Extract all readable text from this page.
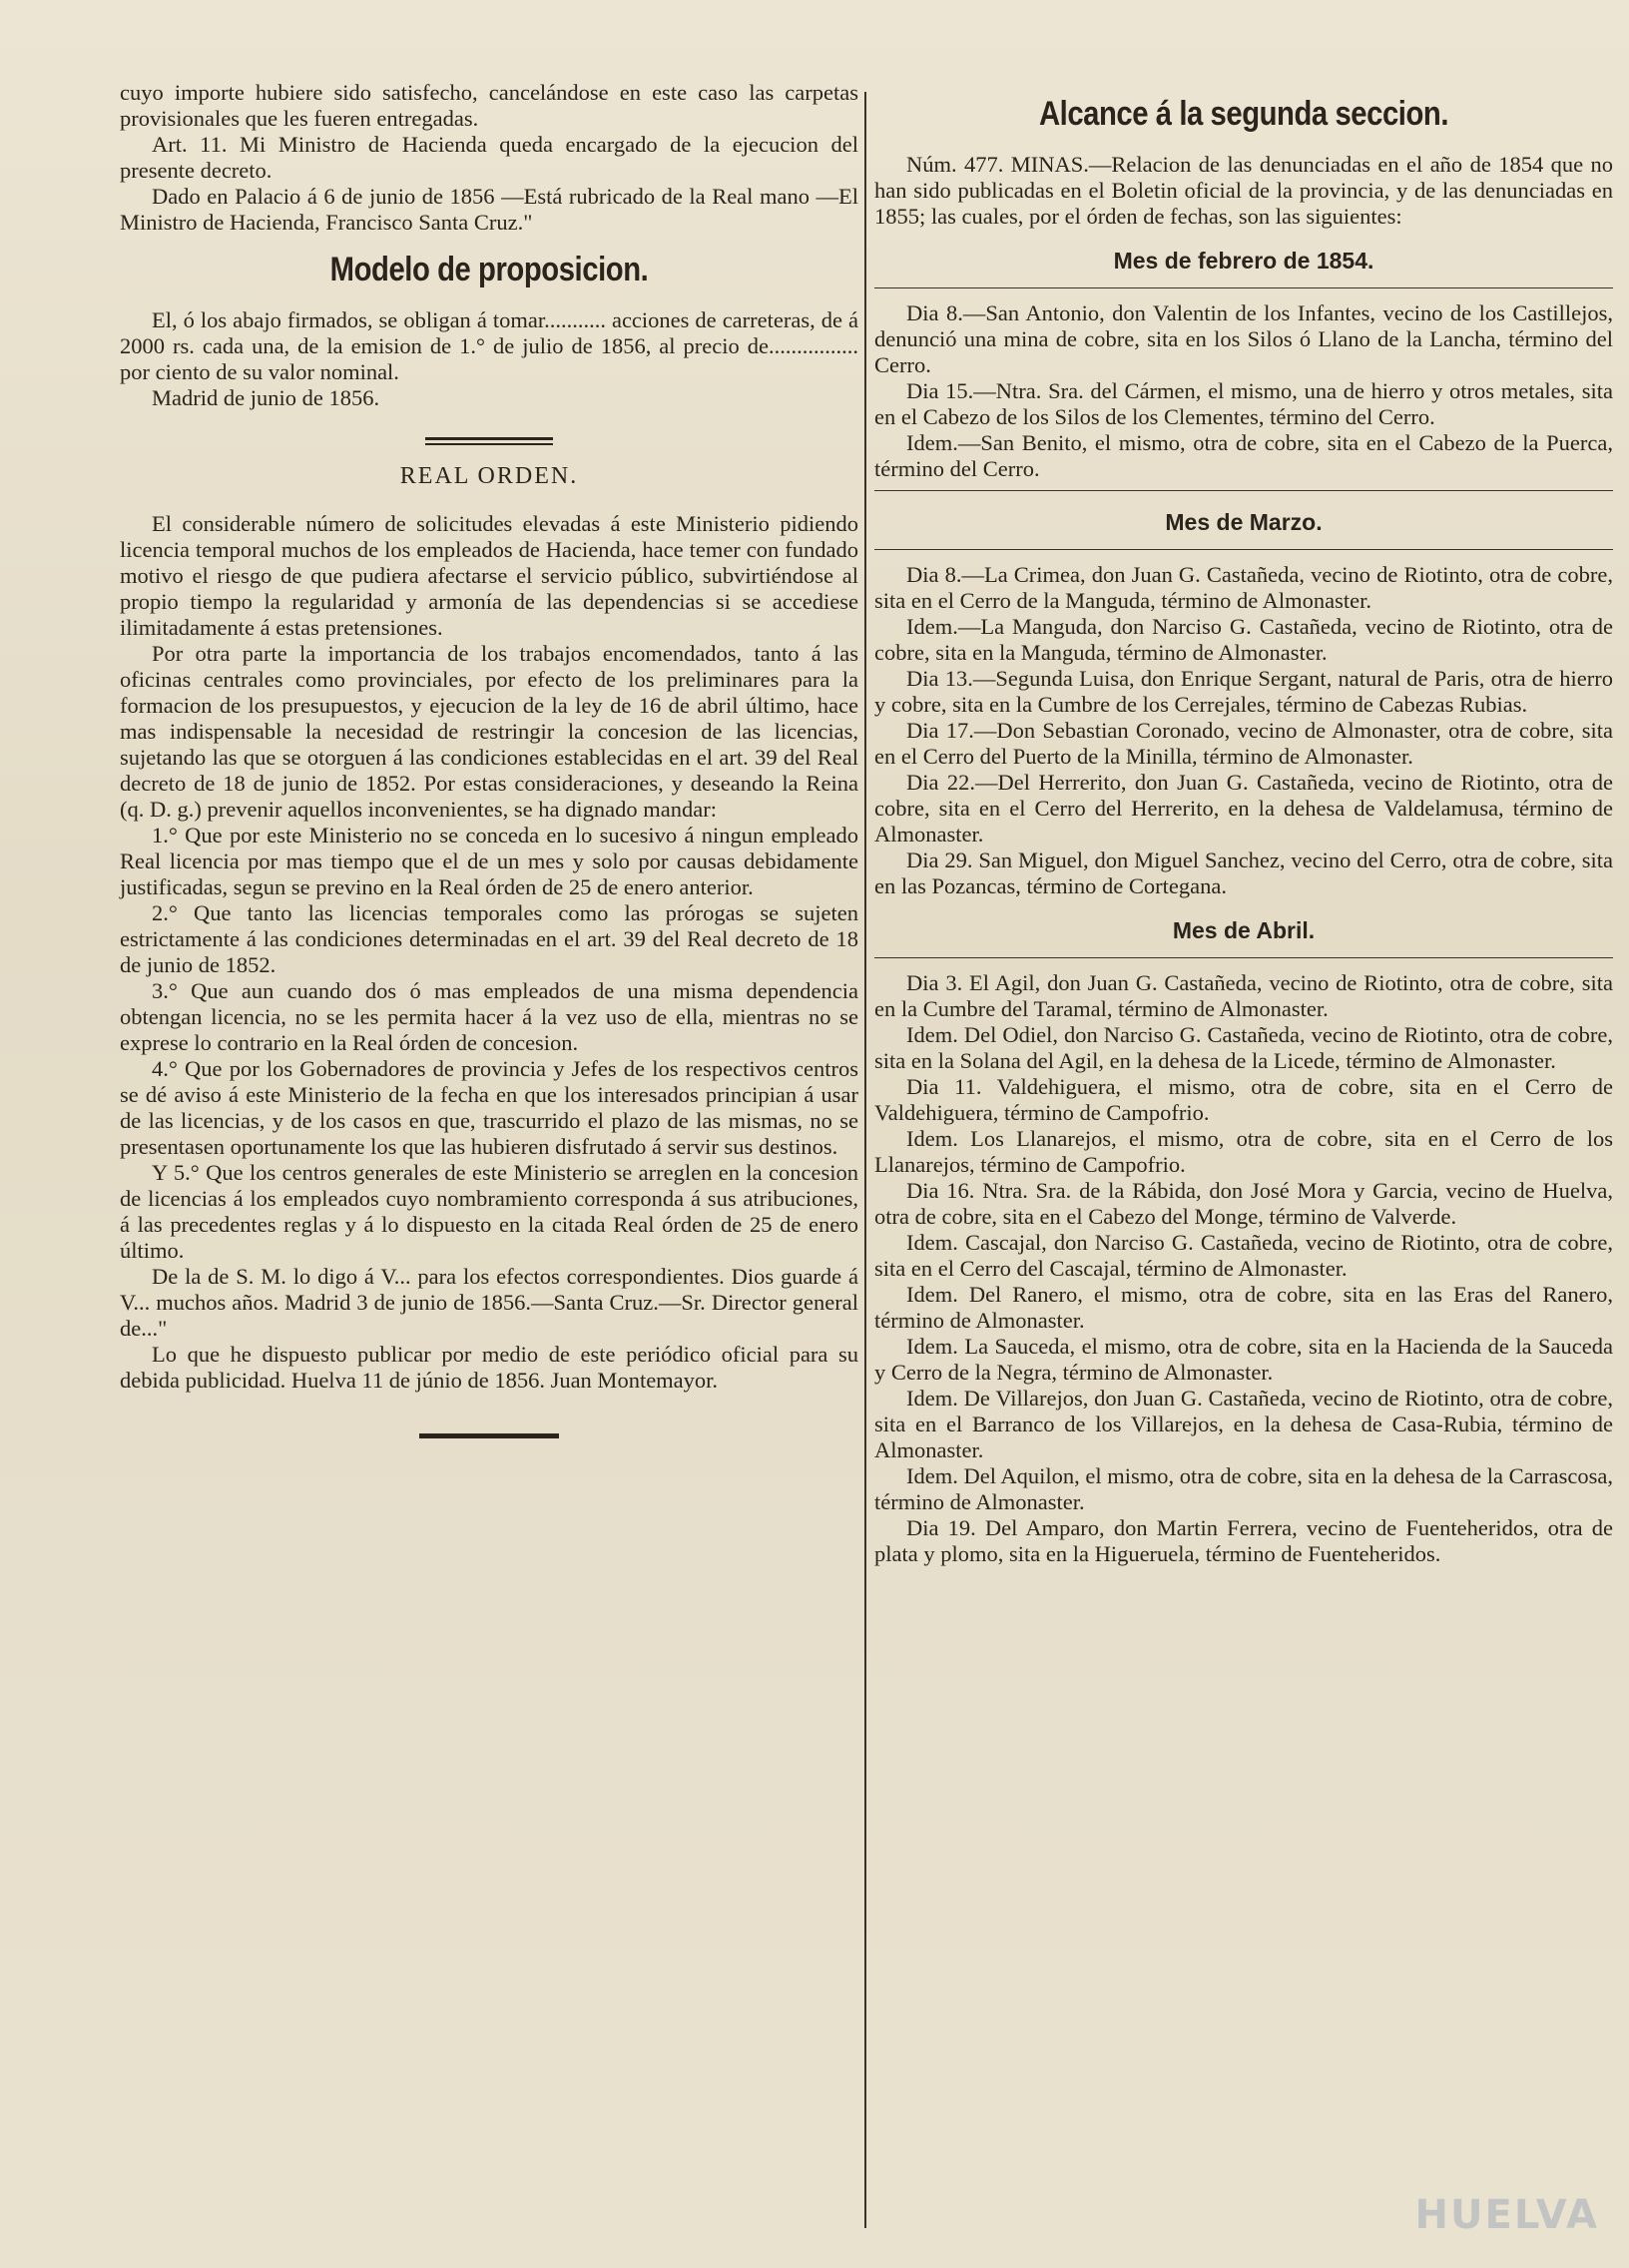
cuyo importe hubiere sido satisfecho, cancelándose en este caso las carpetas provisionales que les fueren entregadas.

Art. 11. Mi Ministro de Hacienda queda encargado de la ejecucion del presente decreto.

Dado en Palacio á 6 de junio de 1856 —Está rubricado de la Real mano —El Ministro de Hacienda, Francisco Santa Cruz."

Modelo de proposicion.

El, ó los abajo firmados, se obligan á tomar........... acciones de carreteras, de á 2000 rs. cada una, de la emision de 1.° de julio de 1856, al precio de................ por ciento de su valor nominal.

Madrid de junio de 1856.

REAL ORDEN.

El considerable número de solicitudes elevadas á este Ministerio pidiendo licencia temporal muchos de los empleados de Hacienda, hace temer con fundado motivo el riesgo de que pudiera afectarse el servicio público, subvirtiéndose al propio tiempo la regularidad y armonía de las dependencias si se accediese ilimitadamente á estas pretensiones.

Por otra parte la importancia de los trabajos encomendados, tanto á las oficinas centrales como provinciales, por efecto de los preliminares para la formacion de los presupuestos, y ejecucion de la ley de 16 de abril último, hace mas indispensable la necesidad de restringir la concesion de las licencias, sujetando las que se otorguen á las condiciones establecidas en el art. 39 del Real decreto de 18 de junio de 1852. Por estas consideraciones, y deseando la Reina (q. D. g.) prevenir aquellos inconvenientes, se ha dignado mandar:

1.° Que por este Ministerio no se conceda en lo sucesivo á ningun empleado Real licencia por mas tiempo que el de un mes y solo por causas debidamente justificadas, segun se previno en la Real órden de 25 de enero anterior.

2.° Que tanto las licencias temporales como las prórogas se sujeten estrictamente á las condiciones determinadas en el art. 39 del Real decreto de 18 de junio de 1852.

3.° Que aun cuando dos ó mas empleados de una misma dependencia obtengan licencia, no se les permita hacer á la vez uso de ella, mientras no se exprese lo contrario en la Real órden de concesion.

4.° Que por los Gobernadores de provincia y Jefes de los respectivos centros se dé aviso á este Ministerio de la fecha en que los interesados principian á usar de las licencias, y de los casos en que, trascurrido el plazo de las mismas, no se presentasen oportunamente los que las hubieren disfrutado á servir sus destinos.

Y 5.° Que los centros generales de este Ministerio se arreglen en la concesion de licencias á los empleados cuyo nombramiento corresponda á sus atribuciones, á las precedentes reglas y á lo dispuesto en la citada Real órden de 25 de enero último.

De la de S. M. lo digo á V... para los efectos correspondientes. Dios guarde á V... muchos años. Madrid 3 de junio de 1856.—Santa Cruz.—Sr. Director general de..."

Lo que he dispuesto publicar por medio de este periódico oficial para su debida publicidad. Huelva 11 de júnio de 1856. Juan Montemayor.

Alcance á la segunda seccion.

Núm. 477. MINAS.—Relacion de las denunciadas en el año de 1854 que no han sido publicadas en el Boletin oficial de la provincia, y de las denunciadas en 1855; las cuales, por el órden de fechas, son las siguientes:

Mes de febrero de 1854.

Dia 8.—San Antonio, don Valentin de los Infantes, vecino de los Castillejos, denunció una mina de cobre, sita en los Silos ó Llano de la Lancha, término del Cerro.

Dia 15.—Ntra. Sra. del Cármen, el mismo, una de hierro y otros metales, sita en el Cabezo de los Silos de los Clementes, término del Cerro.

Idem.—San Benito, el mismo, otra de cobre, sita en el Cabezo de la Puerca, término del Cerro.

Mes de Marzo.

Dia 8.—La Crimea, don Juan G. Castañeda, vecino de Riotinto, otra de cobre, sita en el Cerro de la Manguda, término de Almonaster.

Idem.—La Manguda, don Narciso G. Castañeda, vecino de Riotinto, otra de cobre, sita en la Manguda, término de Almonaster.

Dia 13.—Segunda Luisa, don Enrique Sergant, natural de Paris, otra de hierro y cobre, sita en la Cumbre de los Cerrejales, término de Cabezas Rubias.

Dia 17.—Don Sebastian Coronado, vecino de Almonaster, otra de cobre, sita en el Cerro del Puerto de la Minilla, término de Almonaster.

Dia 22.—Del Herrerito, don Juan G. Castañeda, vecino de Riotinto, otra de cobre, sita en el Cerro del Herrerito, en la dehesa de Valdelamusa, término de Almonaster.

Dia 29. San Miguel, don Miguel Sanchez, vecino del Cerro, otra de cobre, sita en las Pozancas, término de Cortegana.

Mes de Abril.

Dia 3. El Agil, don Juan G. Castañeda, vecino de Riotinto, otra de cobre, sita en la Cumbre del Taramal, término de Almonaster.

Idem. Del Odiel, don Narciso G. Castañeda, vecino de Riotinto, otra de cobre, sita en la Solana del Agil, en la dehesa de la Licede, término de Almonaster.

Dia 11. Valdehiguera, el mismo, otra de cobre, sita en el Cerro de Valdehiguera, término de Campofrio.

Idem. Los Llanarejos, el mismo, otra de cobre, sita en el Cerro de los Llanarejos, término de Campofrio.

Dia 16. Ntra. Sra. de la Rábida, don José Mora y Garcia, vecino de Huelva, otra de cobre, sita en el Cabezo del Monge, término de Valverde.

Idem. Cascajal, don Narciso G. Castañeda, vecino de Riotinto, otra de cobre, sita en el Cerro del Cascajal, término de Almonaster.

Idem. Del Ranero, el mismo, otra de cobre, sita en las Eras del Ranero, término de Almonaster.

Idem. La Sauceda, el mismo, otra de cobre, sita en la Hacienda de la Sauceda y Cerro de la Negra, término de Almonaster.

Idem. De Villarejos, don Juan G. Castañeda, vecino de Riotinto, otra de cobre, sita en el Barranco de los Villarejos, en la dehesa de Casa-Rubia, término de Almonaster.

Idem. Del Aquilon, el mismo, otra de cobre, sita en la dehesa de la Carrascosa, término de Almonaster.

Dia 19. Del Amparo, don Martin Ferrera, vecino de Fuenteheridos, otra de plata y plomo, sita en la Higueruela, término de Fuenteheridos.

HUELVA
